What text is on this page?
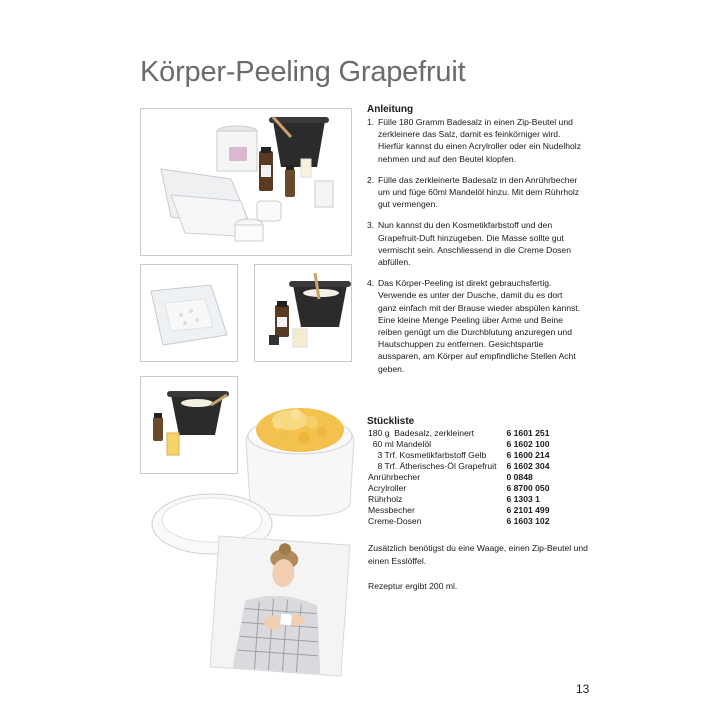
Körper-Peeling Grapefruit
Anleitung
1. Fülle 180 Gramm Badesalz in einen Zip-Beutel und zerkleinere das Salz, damit es feinkörniger wird. Hierfür kannst du einen Acrylroller oder ein Nudelholz nehmen und auf den Beutel klopfen.
2. Fülle das zerkleinerte Badesalz in den Anrührbecher um und füge 60ml Mandelöl hinzu. Mit dem Rührholz gut vermengen.
3. Nun kannst du den Kosmetikfarbstoff und den Grapefruit-Duft hinzugeben. Die Masse sollte gut vermischt sein. Anschliessend in die Creme Dosen abfüllen.
4. Das Körper-Peeling ist direkt gebrauchsfertig. Verwende es unter der Dusche, damit du es dort ganz einfach mit der Brause wieder abspülen kannst. Eine kleine Menge Peeling über Arme und Beine reiben genügt um die Durchblutung anzuregen und Hautschuppen zu entfernen. Gesichtspartie aussparen, am Körper auf empfindliche Stellen Acht geben.
Stückliste
180 g  Badesalz, zerkleinert	6 1601 251
60 ml Mandelöl	6 1602 100
3 Trf. Kosmetikfarbstoff Gelb	6 1600 214
8 Trf. Ätherisches-Öl Grapefruit	6 1602 304
Anrührbecher	0 0848
Acrylroller	6 8700 050
Rührholz	6 1303 1
Messbecher	6 2101 499
Creme-Dosen	6 1603 102
Zusätzlich benötigst du eine Waage, einen Zip-Beutel und einen Esslöffel.
Rezeptur ergibt 200 ml.
13
